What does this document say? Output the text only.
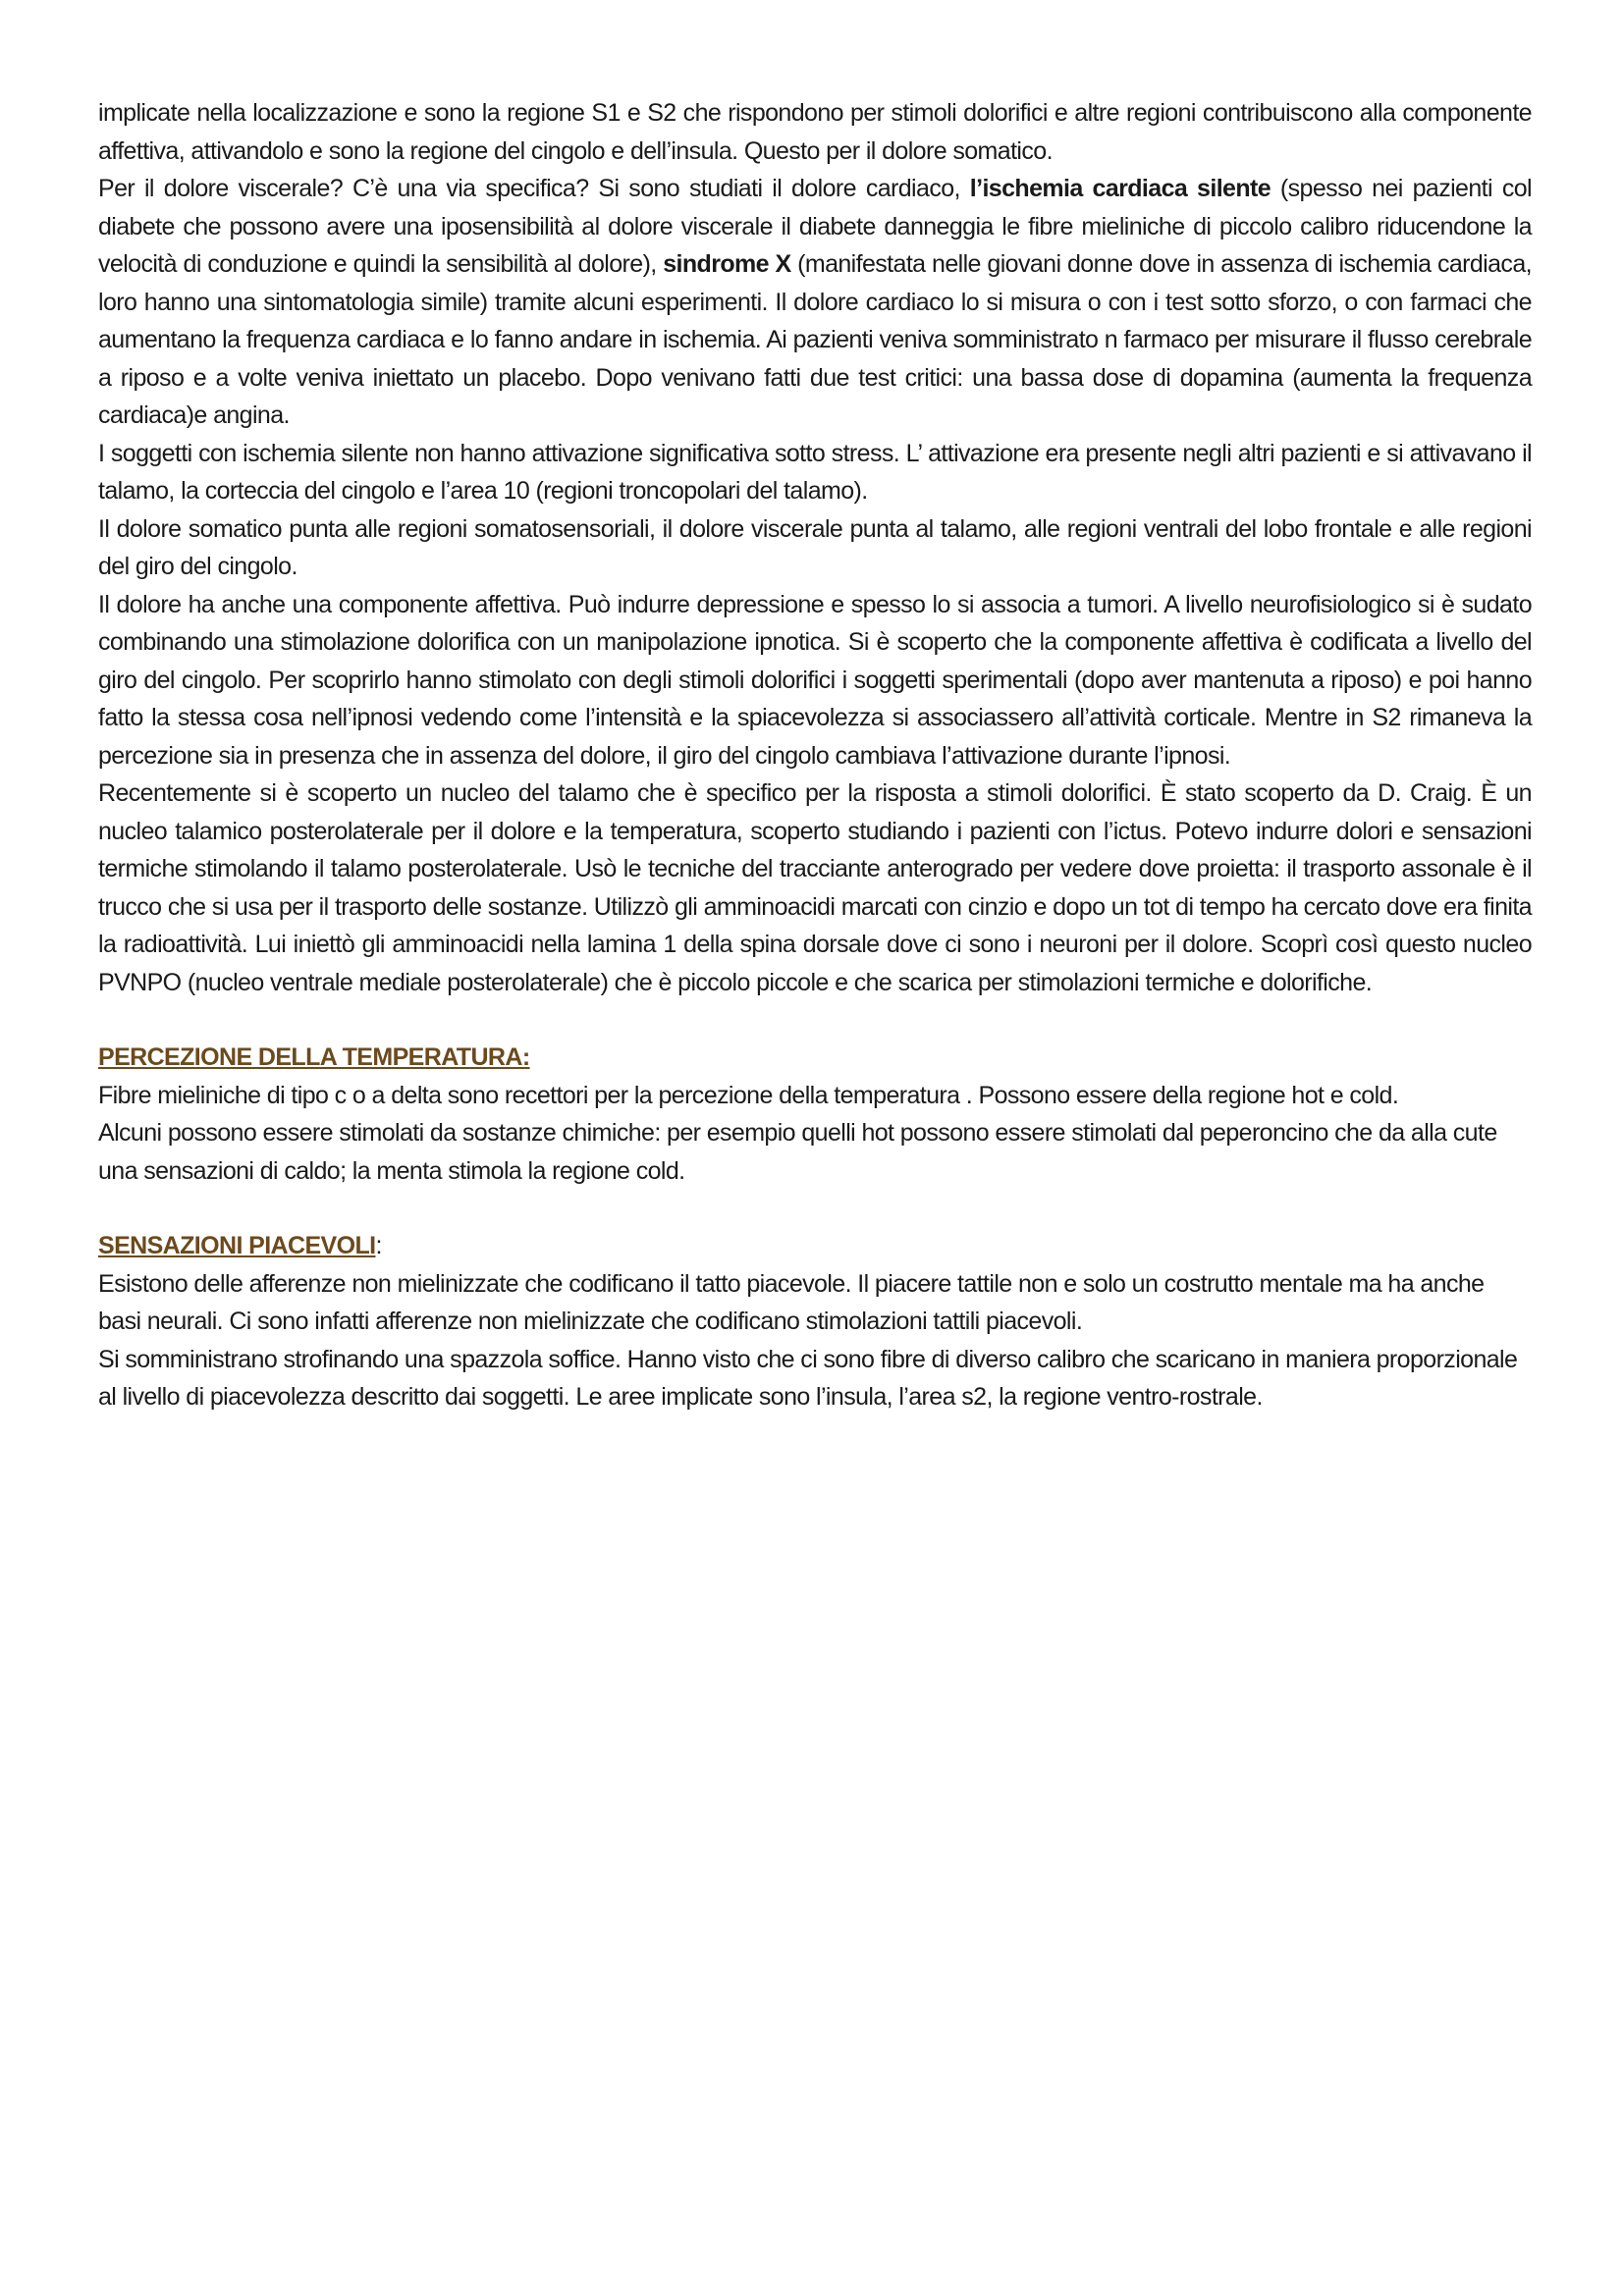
implicate nella localizzazione e sono la regione S1 e S2 che rispondono per stimoli dolorifici e altre regioni contribuiscono alla componente affettiva, attivandolo e sono la regione del cingolo e dell’insula. Questo per il dolore somatico.

Per il dolore viscerale? C’è una via specifica? Si sono studiati il dolore cardiaco, l’ischemia cardiaca silente (spesso nei pazienti col diabete che possono avere una iposensibilità al dolore viscerale il diabete danneggia le fibre mieliniche di piccolo calibro riducendone la velocità di conduzione e quindi la sensibilità al dolore), sindrome X (manifestata nelle giovani donne dove in assenza di ischemia cardiaca, loro hanno una sintomatologia simile) tramite alcuni esperimenti. Il dolore cardiaco lo si misura o con i test sotto sforzo, o con farmaci che aumentano la frequenza cardiaca e lo fanno andare in ischemia. Ai pazienti veniva somministrato n farmaco per misurare il flusso cerebrale a riposo e a volte veniva iniettato un placebo. Dopo venivano fatti due test critici: una bassa dose di dopamina (aumenta la frequenza cardiaca)e angina.

I soggetti con ischemia silente non hanno attivazione significativa sotto stress. L’ attivazione era presente negli altri pazienti e si attivavano il talamo, la corteccia del cingolo e l’area 10 (regioni troncopolari del talamo).

Il dolore somatico punta alle regioni somatosensoriali, il dolore viscerale punta al talamo, alle regioni ventrali del lobo frontale e alle regioni del giro del cingolo.

Il dolore ha anche una componente affettiva. Può indurre depressione e spesso lo si associa a tumori. A livello neurofisiologico si è sudato combinando una stimolazione dolorifica con un manipolazione ipnotica. Si è scoperto che la componente affettiva è codificata a livello del giro del cingolo. Per scoprirlo hanno stimolato con degli stimoli dolorifici i soggetti sperimentali (dopo aver mantenuta a riposo) e poi hanno fatto la stessa cosa nell’ipnosi vedendo come l’intensità e la spiacevolezza si associassero all’attività corticale. Mentre in S2 rimaneva la percezione sia in presenza che in assenza del dolore, il giro del cingolo cambiava l’attivazione durante l’ipnosi.

Recentemente si è scoperto un nucleo del talamo che è specifico per la risposta a stimoli dolorifici. È stato scoperto da D. Craig. È un nucleo talamico posterolaterale per il dolore e la temperatura, scoperto studiando i pazienti con l’ictus. Potevo indurre dolori e sensazioni termiche stimolando il talamo posterolaterale. Usò le tecniche del tracciante anterogrado per vedere dove proietta: il trasporto assonale è il trucco che si usa per il trasporto delle sostanze. Utilizzò gli amminoacidi marcati con cinzio e dopo un tot di tempo ha cercato dove era finita la radioattività. Lui iniettò gli amminoacidi nella lamina 1 della spina dorsale dove ci sono i neuroni per il dolore. Scoprì così questo nucleo PVNPO (nucleo ventrale mediale posterolaterale) che è piccolo piccole e che scarica per stimolazioni termiche e dolorifiche.

PERCEZIONE DELLA TEMPERATURA:

Fibre mieliniche di tipo c o a delta sono recettori per la percezione della temperatura . Possono essere della regione hot e cold.

Alcuni possono essere stimolati da sostanze chimiche: per esempio quelli hot possono essere stimolati dal peperoncino che da alla cute una sensazioni di caldo; la menta stimola la regione cold.

SENSAZIONI PIACEVOLI:

Esistono delle afferenze non mielinizzate che codificano il tatto piacevole. Il piacere tattile non e solo un costrutto mentale ma ha anche basi neurali. Ci sono infatti afferenze non mielinizzate che codificano stimolazioni tattili piacevoli.

Si somministrano strofinando una spazzola soffice. Hanno visto che ci sono fibre di diverso calibro che scaricano in maniera proporzionale al livello di piacevolezza descritto dai soggetti. Le aree implicate sono l’insula, l’area s2, la regione ventro-rostrale.
